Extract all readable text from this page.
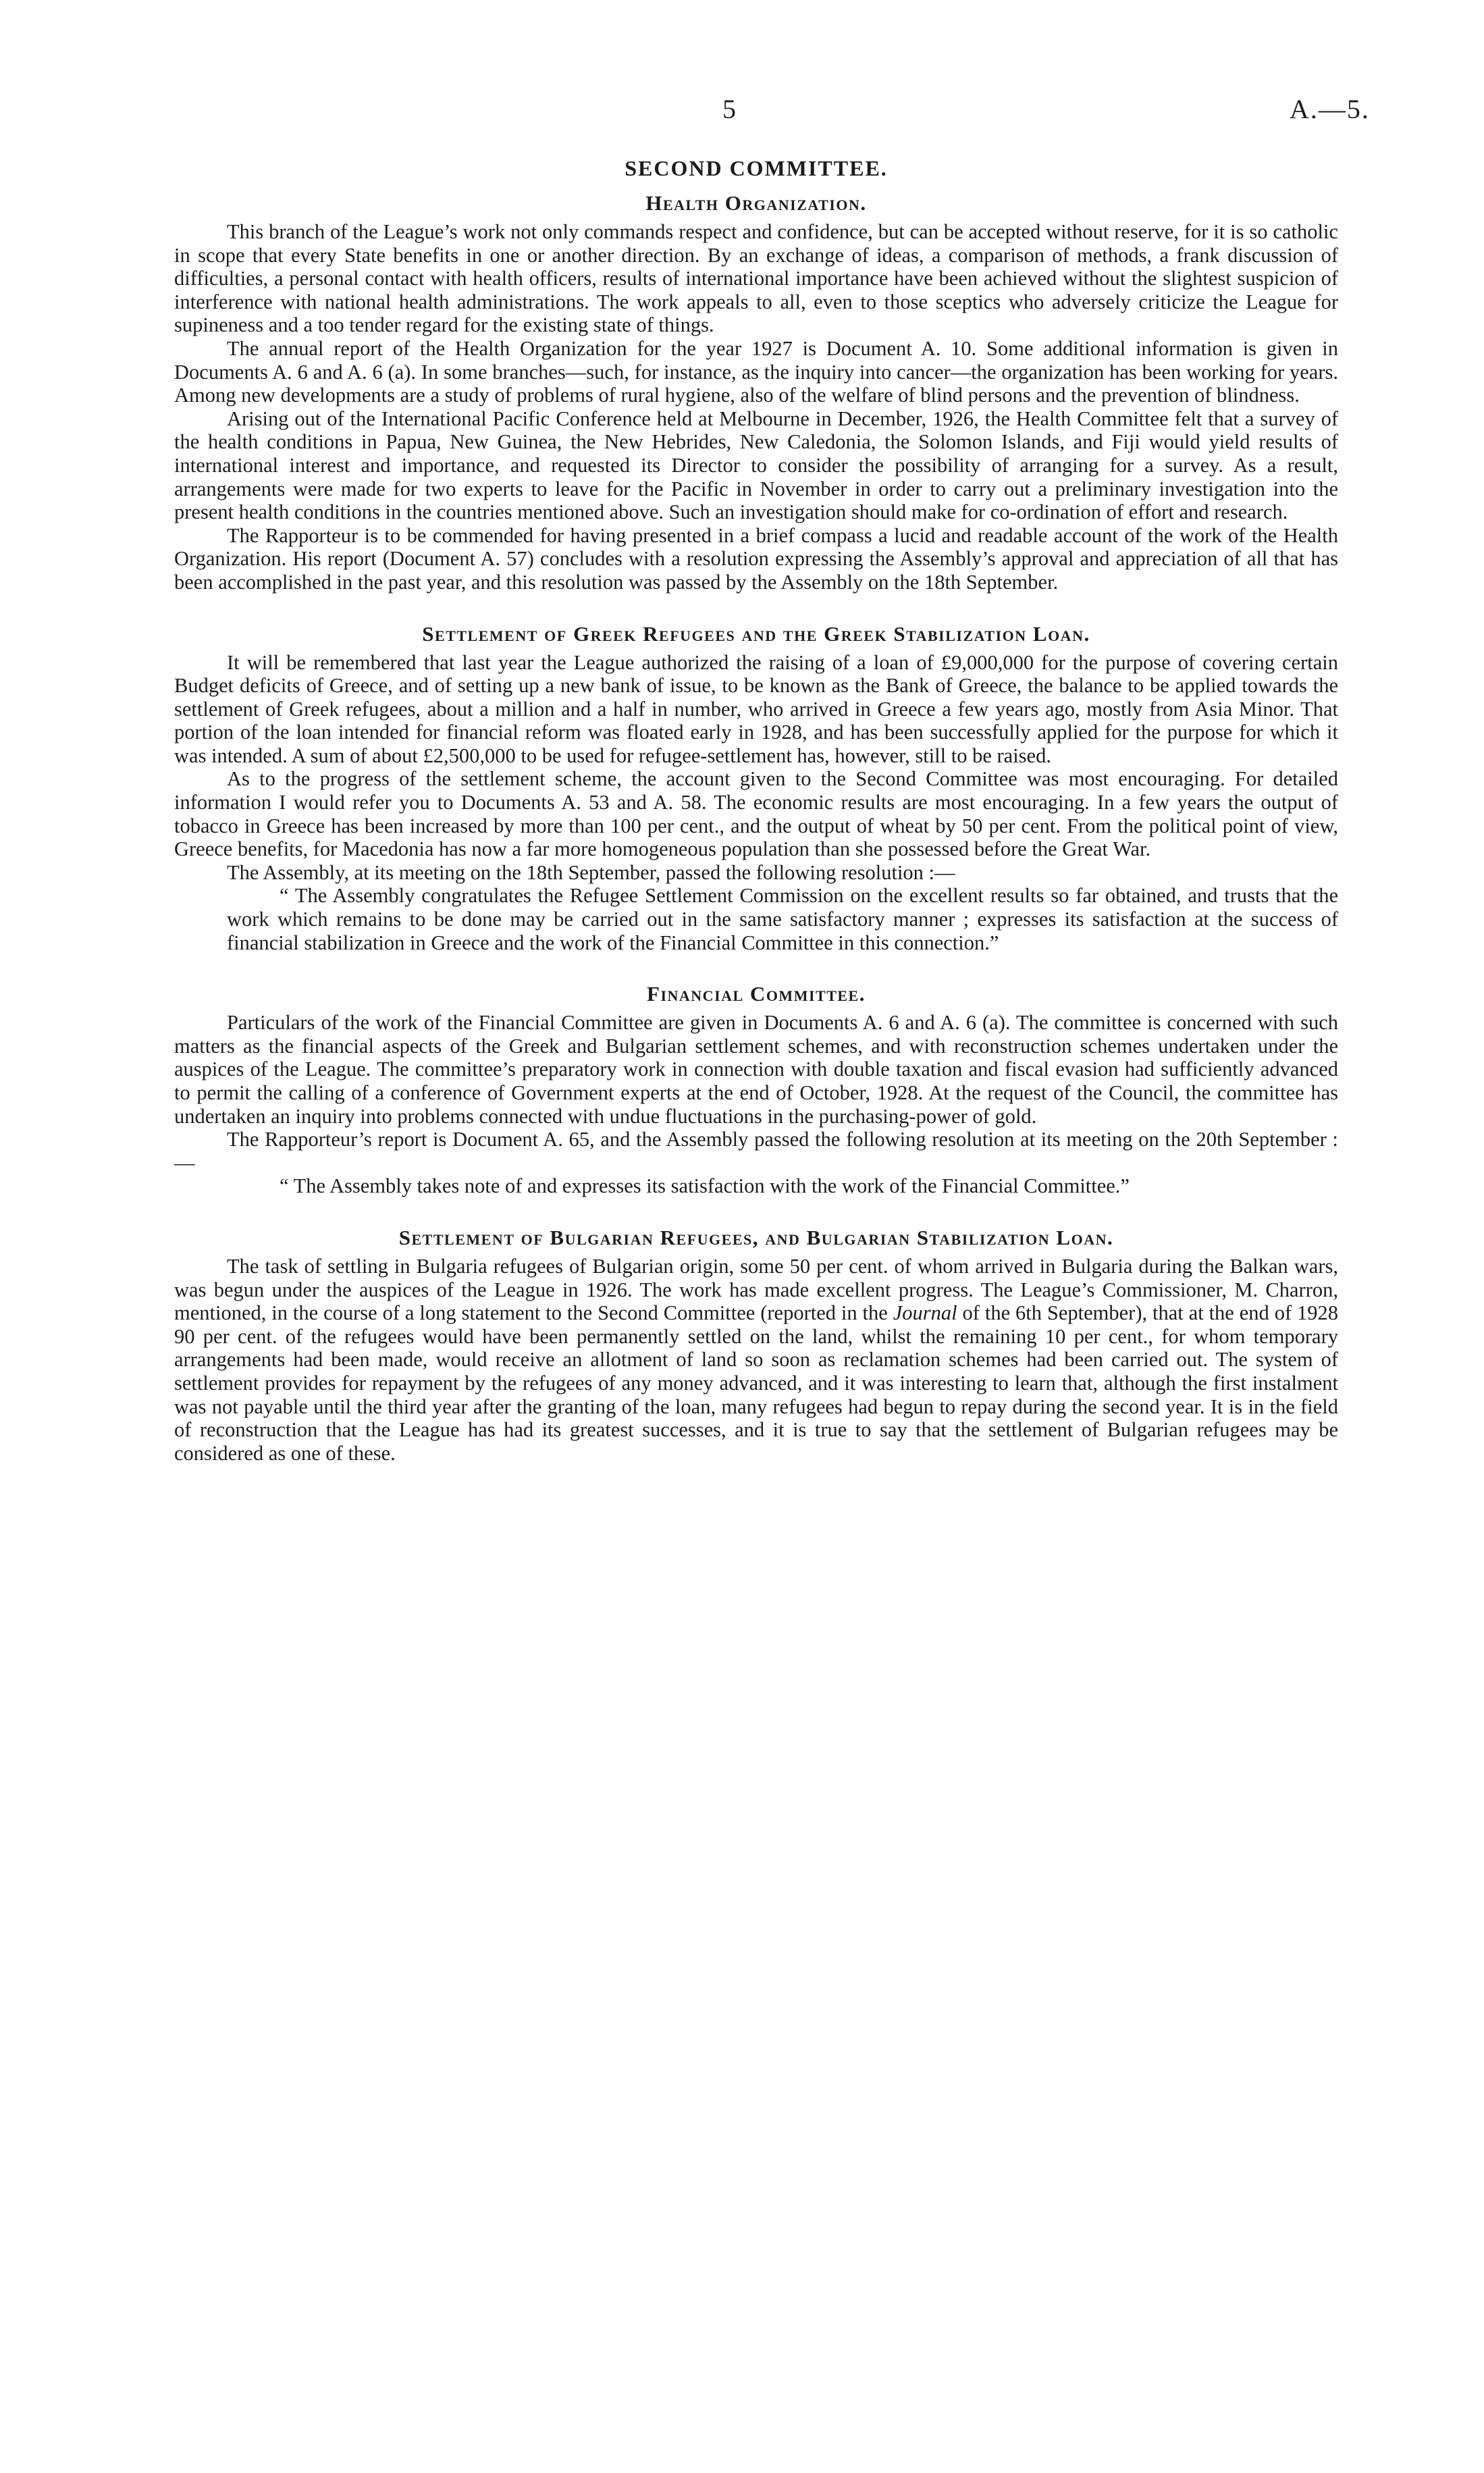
5	A.—5.
SECOND COMMITTEE.
Health Organization.

This branch of the League’s work not only commands respect and confidence, but can be accepted without reserve, for it is so catholic in scope that every State benefits in one or another direction. By an exchange of ideas, a comparison of methods, a frank discussion of difficulties, a personal contact with health officers, results of international importance have been achieved without the slightest suspicion of interference with national health administrations. The work appeals to all, even to those sceptics who adversely criticize the League for supineness and a too tender regard for the existing state of things.

The annual report of the Health Organization for the year 1927 is Document A. 10. Some additional information is given in Documents A. 6 and A. 6 (a). In some branches—such, for instance, as the inquiry into cancer—the organization has been working for years. Among new developments are a study of problems of rural hygiene, also of the welfare of blind persons and the prevention of blindness.

Arising out of the International Pacific Conference held at Melbourne in December, 1926, the Health Committee felt that a survey of the health conditions in Papua, New Guinea, the New Hebrides, New Caledonia, the Solomon Islands, and Fiji would yield results of international interest and importance, and requested its Director to consider the possibility of arranging for a survey. As a result, arrangements were made for two experts to leave for the Pacific in November in order to carry out a preliminary investigation into the present health conditions in the countries mentioned above. Such an investigation should make for co-ordination of effort and research.

The Rapporteur is to be commended for having presented in a brief compass a lucid and readable account of the work of the Health Organization. His report (Document A. 57) concludes with a resolution expressing the Assembly’s approval and appreciation of all that has been accomplished in the past year, and this resolution was passed by the Assembly on the 18th September.

Settlement of Greek Refugees and the Greek Stabilization Loan.

It will be remembered that last year the League authorized the raising of a loan of £9,000,000 for the purpose of covering certain Budget deficits of Greece, and of setting up a new bank of issue, to be known as the Bank of Greece, the balance to be applied towards the settlement of Greek refugees, about a million and a half in number, who arrived in Greece a few years ago, mostly from Asia Minor. That portion of the loan intended for financial reform was floated early in 1928, and has been successfully applied for the purpose for which it was intended. A sum of about £2,500,000 to be used for refugee-settlement has, however, still to be raised.

As to the progress of the settlement scheme, the account given to the Second Committee was most encouraging. For detailed information I would refer you to Documents A. 53 and A. 58. The economic results are most encouraging. In a few years the output of tobacco in Greece has been increased by more than 100 per cent., and the output of wheat by 50 per cent. From the political point of view, Greece benefits, for Macedonia has now a far more homogeneous population than she possessed before the Great War.

The Assembly, at its meeting on the 18th September, passed the following resolution :—

“ The Assembly congratulates the Refugee Settlement Commission on the excellent results so far obtained, and trusts that the work which remains to be done may be carried out in the same satisfactory manner ; expresses its satisfaction at the success of financial stabilization in Greece and the work of the Financial Committee in this connection.”

Financial Committee.

Particulars of the work of the Financial Committee are given in Documents A. 6 and A. 6 (a). The committee is concerned with such matters as the financial aspects of the Greek and Bulgarian settlement schemes, and with reconstruction schemes undertaken under the auspices of the League. The committee’s preparatory work in connection with double taxation and fiscal evasion had sufficiently advanced to permit the calling of a conference of Government experts at the end of October, 1928. At the request of the Council, the committee has undertaken an inquiry into problems connected with undue fluctuations in the purchasing-power of gold.

The Rapporteur’s report is Document A. 65, and the Assembly passed the following resolution at its meeting on the 20th September :—

“ The Assembly takes note of and expresses its satisfaction with the work of the Financial Committee.”

Settlement of Bulgarian Refugees, and Bulgarian Stabilization Loan.

The task of settling in Bulgaria refugees of Bulgarian origin, some 50 per cent. of whom arrived in Bulgaria during the Balkan wars, was begun under the auspices of the League in 1926. The work has made excellent progress. The League’s Commissioner, M. Charron, mentioned, in the course of a long statement to the Second Committee (reported in the Journal of the 6th September), that at the end of 1928 90 per cent. of the refugees would have been permanently settled on the land, whilst the remaining 10 per cent., for whom temporary arrangements had been made, would receive an allotment of land so soon as reclamation schemes had been carried out. The system of settlement provides for repayment by the refugees of any money advanced, and it was interesting to learn that, although the first instalment was not payable until the third year after the granting of the loan, many refugees had begun to repay during the second year. It is in the field of reconstruction that the League has had its greatest successes, and it is true to say that the settlement of Bulgarian refugees may be considered as one of these.
